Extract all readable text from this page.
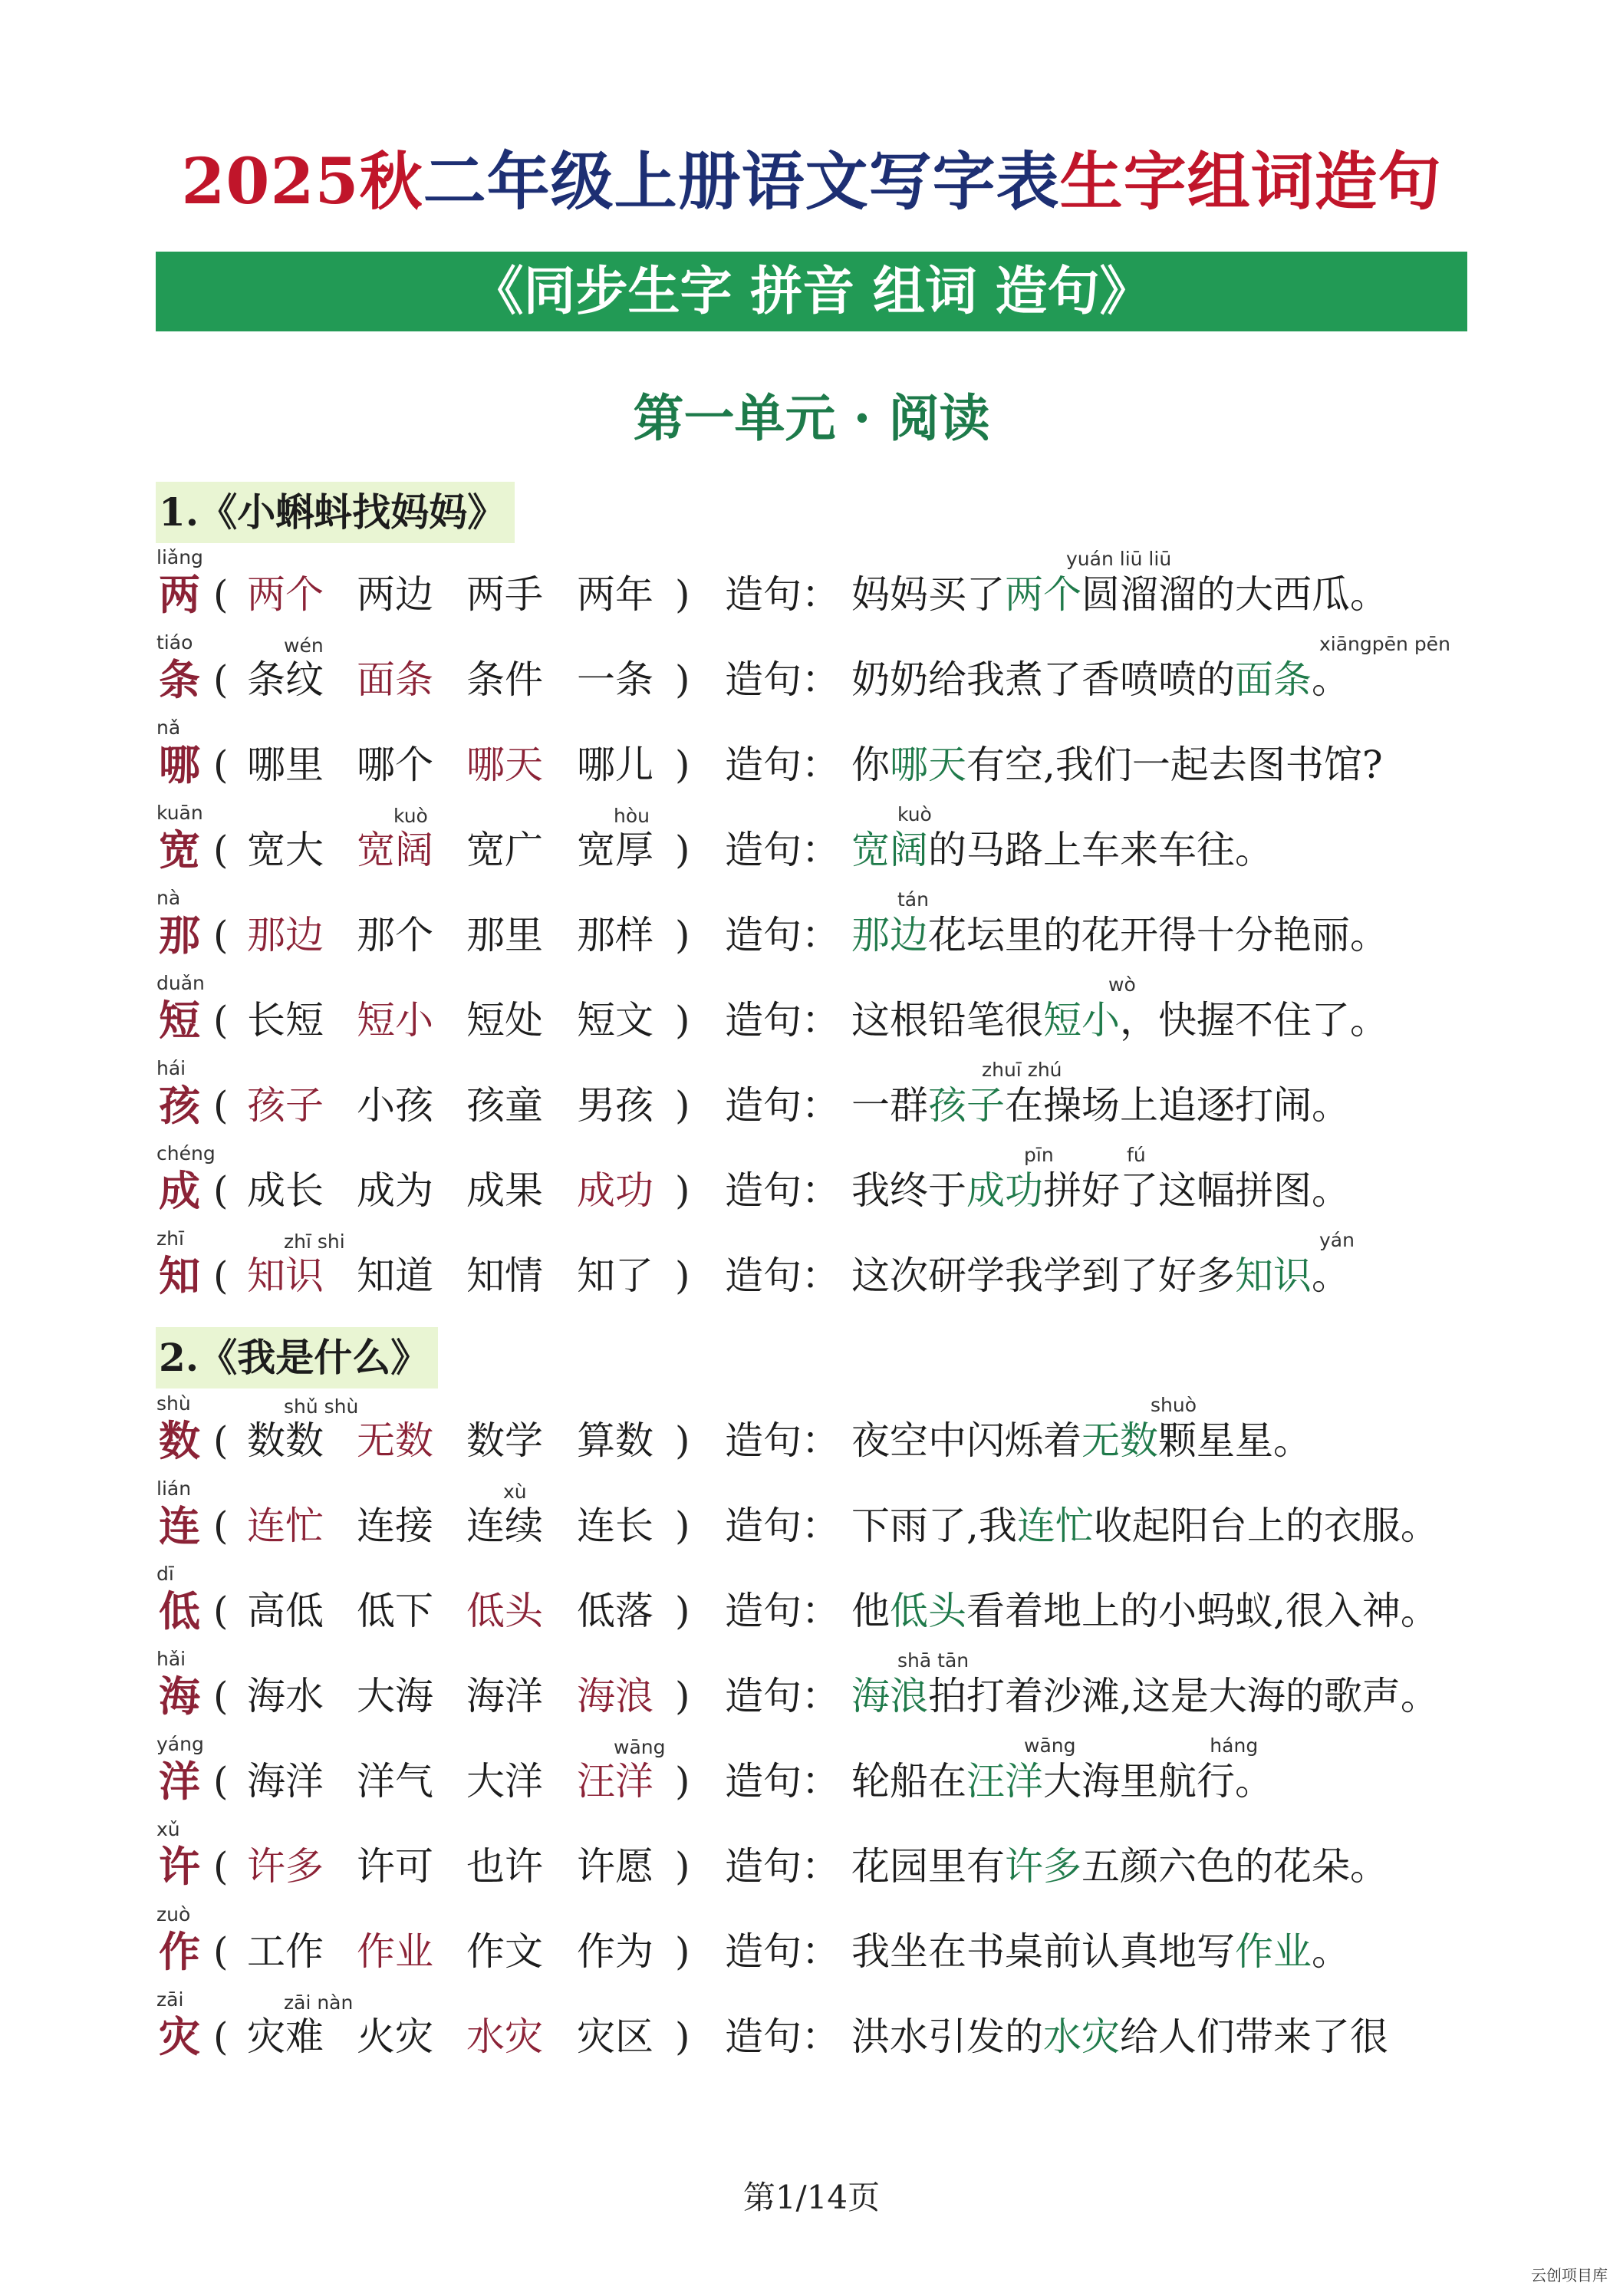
2025秋二年级上册语文写字表生字组词造句
《同步生字 拼音 组词 造句》
第一单元 · 阅读
1.《小蝌蚪找妈妈》
liǎng
两 ( 两个 两边 两手 两年 ) 造句： 妈妈买了两个圆溜溜的大西瓜。
yuán liū liū
tiáo
条 ( 条纹
wén
面条 条件 一条 ) 造句： 奶奶给我煮了香喷喷的面条。
xiāngpēn pēn
nǎ
哪 ( 哪里 哪个 哪天 哪儿 ) 造句： 你哪天有空,我们一起去图书馆?
kuān
宽 ( 宽大 宽阔
kuò
宽广 宽厚
hòu
) 造句： 宽阔的马路上车来车往。
kuò
nà
那 ( 那边 那个 那里 那样 ) 造句： 那边花坛里的花开得十分艳丽。
tán
duǎn
短 ( 长短 短小 短处 短文 ) 造句： 这根铅笔很短小，快握不住了。
wò
hái
孩 ( 孩子 小孩 孩童 男孩 ) 造句： 一群孩子在操场上追逐打闹。
zhuī zhú
chéng
成 ( 成长 成为 成果 成功 ) 造句： 我终于成功拼好了这幅拼图。
pīn            fú
zhī
知 ( 知识
zhī shi
知道 知情 知了 ) 造句： 这次研学我学到了好多知识。
yán
2.《我是什么》
shù
数 ( 数数
shǔ shù
无数 数学 算数 ) 造句： 夜空中闪烁着无数颗星星。
shuò
lián
连 ( 连忙 连接 连续
xù
连长 ) 造句： 下雨了,我连忙收起阳台上的衣服。
dī
低 ( 高低 低下 低头 低落 ) 造句： 他低头看着地上的小蚂蚁,很入神。
hǎi
海 ( 海水 大海 海洋 海浪 ) 造句： 海浪拍打着沙滩,这是大海的歌声。
shā tān
yáng
洋 ( 海洋 洋气 大洋 汪洋
wāng
) 造句： 轮船在汪洋大海里航行。
wāng                      háng
xǔ
许 ( 许多 许可 也许 许愿 ) 造句： 花园里有许多五颜六色的花朵。
zuò
作 ( 工作 作业 作文 作为 ) 造句： 我坐在书桌前认真地写作业。
zāi
灾 ( 灾难
zāi nàn
火灾 水灾 灾区 ) 造句： 洪水引发的水灾给人们带来了很
第1/14页
云创项目库
